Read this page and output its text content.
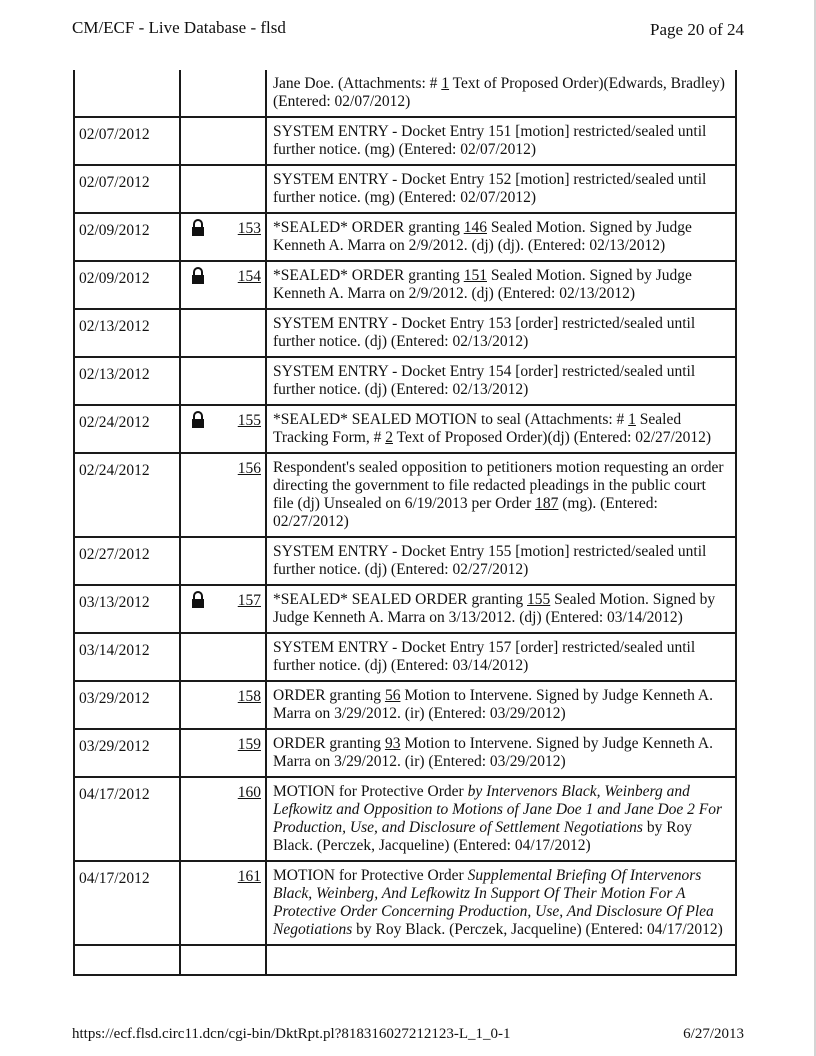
CM/ECF - Live Database - flsd	Page 20 of 24
		Jane Doe. (Attachments: # 1 Text of Proposed Order)(Edwards, Bradley) (Entered: 02/07/2012)
02/07/2012		SYSTEM ENTRY - Docket Entry 151 [motion] restricted/sealed until further notice. (mg) (Entered: 02/07/2012)
02/07/2012		SYSTEM ENTRY - Docket Entry 152 [motion] restricted/sealed until further notice. (mg) (Entered: 02/07/2012)
02/09/2012	153	*SEALED* ORDER granting 146 Sealed Motion. Signed by Judge Kenneth A. Marra on 2/9/2012. (dj) (dj). (Entered: 02/13/2012)
02/09/2012	154	*SEALED* ORDER granting 151 Sealed Motion. Signed by Judge Kenneth A. Marra on 2/9/2012. (dj) (Entered: 02/13/2012)
02/13/2012		SYSTEM ENTRY - Docket Entry 153 [order] restricted/sealed until further notice. (dj) (Entered: 02/13/2012)
02/13/2012		SYSTEM ENTRY - Docket Entry 154 [order] restricted/sealed until further notice. (dj) (Entered: 02/13/2012)
02/24/2012	155	*SEALED* SEALED MOTION to seal (Attachments: # 1 Sealed Tracking Form, # 2 Text of Proposed Order)(dj) (Entered: 02/27/2012)
02/24/2012	156	Respondent's sealed opposition to petitioners motion requesting an order directing the government to file redacted pleadings in the public court file (dj) Unsealed on 6/19/2013 per Order 187 (mg). (Entered: 02/27/2012)
02/27/2012		SYSTEM ENTRY - Docket Entry 155 [motion] restricted/sealed until further notice. (dj) (Entered: 02/27/2012)
03/13/2012	157	*SEALED* SEALED ORDER granting 155 Sealed Motion. Signed by Judge Kenneth A. Marra on 3/13/2012. (dj) (Entered: 03/14/2012)
03/14/2012		SYSTEM ENTRY - Docket Entry 157 [order] restricted/sealed until further notice. (dj) (Entered: 03/14/2012)
03/29/2012	158	ORDER granting 56 Motion to Intervene. Signed by Judge Kenneth A. Marra on 3/29/2012. (ir) (Entered: 03/29/2012)
03/29/2012	159	ORDER granting 93 Motion to Intervene. Signed by Judge Kenneth A. Marra on 3/29/2012. (ir) (Entered: 03/29/2012)
04/17/2012	160	MOTION for Protective Order by Intervenors Black, Weinberg and Lefkowitz and Opposition to Motions of Jane Doe 1 and Jane Doe 2 For Production, Use, and Disclosure of Settlement Negotiations by Roy Black. (Perczek, Jacqueline) (Entered: 04/17/2012)
04/17/2012	161	MOTION for Protective Order Supplemental Briefing Of Intervenors Black, Weinberg, And Lefkowitz In Support Of Their Motion For A Protective Order Concerning Production, Use, And Disclosure Of Plea Negotiations by Roy Black. (Perczek, Jacqueline) (Entered: 04/17/2012)

https://ecf.flsd.circ11.dcn/cgi-bin/DktRpt.pl?818316027212123-L_1_0-1	6/27/2013
